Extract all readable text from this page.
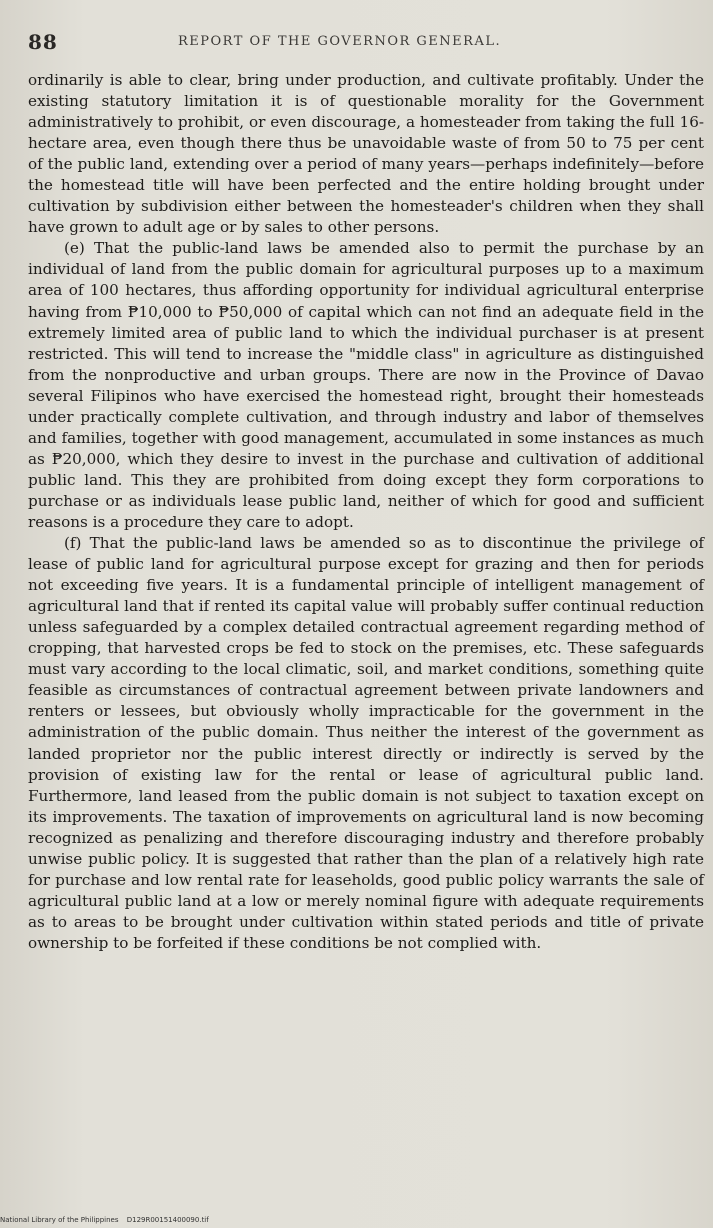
88	REPORT OF THE GOVERNOR GENERAL.

ordinarily is able to clear, bring under production, and cultivate profitably. Under the existing statutory limitation it is of questionable morality for the Government administratively to prohibit, or even discourage, a homesteader from taking the full 16-hectare area, even though there thus be unavoidable waste of from 50 to 75 per cent of the public land, extending over a period of many years—perhaps indefinitely—before the homestead title will have been perfected and the entire holding brought under cultivation by subdivision either between the homesteader's children when they shall have grown to adult age or by sales to other persons.

(e) That the public-land laws be amended also to permit the purchase by an individual of land from the public domain for agricultural purposes up to a maximum area of 100 hectares, thus affording opportunity for individual agricultural enterprise having from ₱10,000 to ₱50,000 of capital which can not find an adequate field in the extremely limited area of public land to which the individual purchaser is at present restricted. This will tend to increase the "middle class" in agriculture as distinguished from the nonproductive and urban groups. There are now in the Province of Davao several Filipinos who have exercised the homestead right, brought their homesteads under practically complete cultivation, and through industry and labor of themselves and families, together with good management, accumulated in some instances as much as ₱20,000, which they desire to invest in the purchase and cultivation of additional public land. This they are prohibited from doing except they form corporations to purchase or as individuals lease public land, neither of which for good and sufficient reasons is a procedure they care to adopt.

(f) That the public-land laws be amended so as to discontinue the privilege of lease of public land for agricultural purpose except for grazing and then for periods not exceeding five years. It is a fundamental principle of intelligent management of agricultural land that if rented its capital value will probably suffer continual reduction unless safeguarded by a complex detailed contractual agreement regarding method of cropping, that harvested crops be fed to stock on the premises, etc. These safeguards must vary according to the local climatic, soil, and market conditions, something quite feasible as circumstances of contractual agreement between private landowners and renters or lessees, but obviously wholly impracticable for the government in the administration of the public domain. Thus neither the interest of the government as landed proprietor nor the public interest directly or indirectly is served by the provision of existing law for the rental or lease of agricultural public land. Furthermore, land leased from the public domain is not subject to taxation except on its improvements. The taxation of improvements on agricultural land is now becoming recognized as penalizing and therefore discouraging industry and therefore probably unwise public policy. It is suggested that rather than the plan of a relatively high rate for purchase and low rental rate for leaseholds, good public policy warrants the sale of agricultural public land at a low or merely nominal figure with adequate requirements as to areas to be brought under cultivation within stated periods and title of private ownership to be forfeited if these conditions be not complied with.

National Library of the Philippines D129R00151400090.tif
